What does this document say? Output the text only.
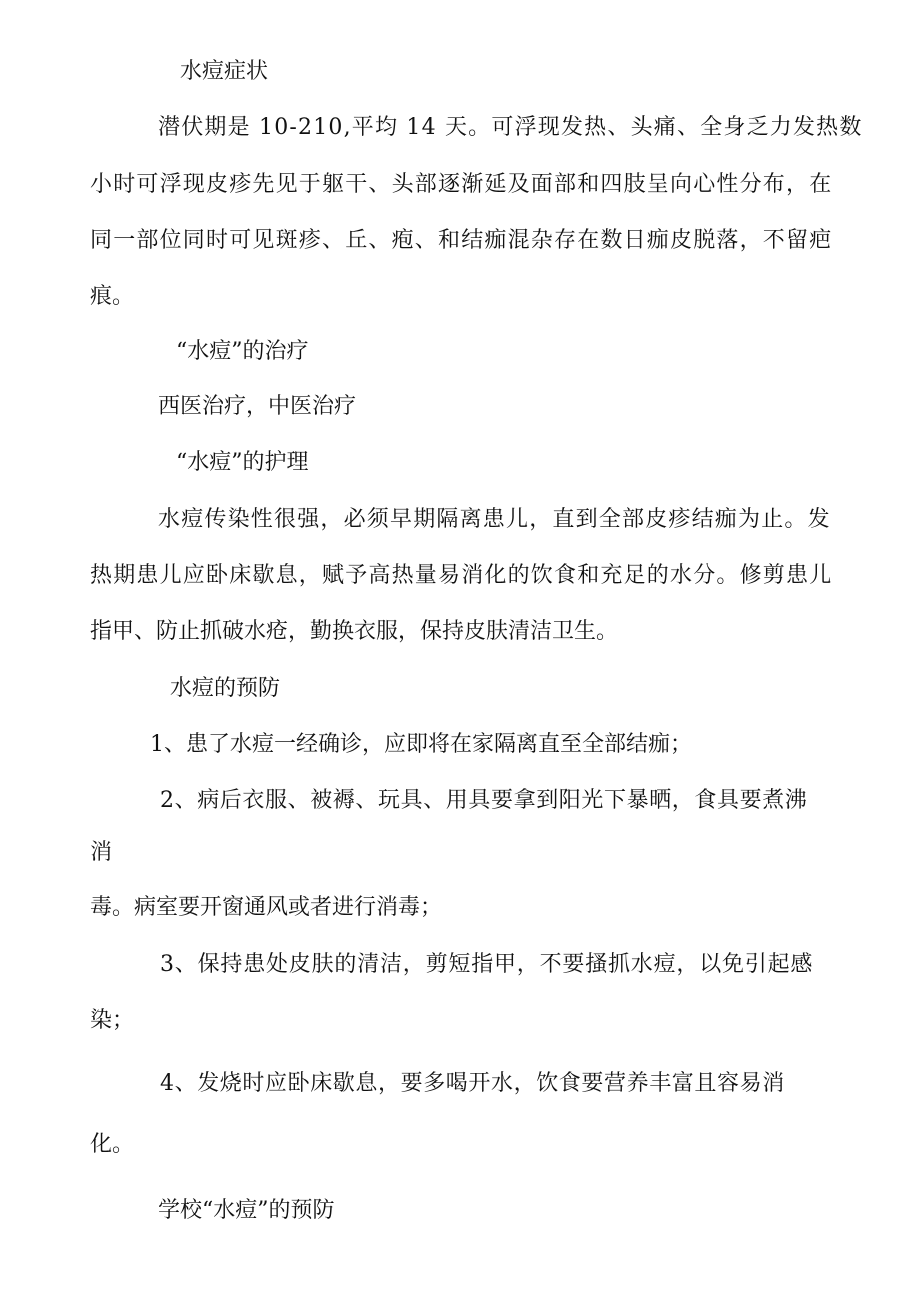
水痘症状

潜伏期是 10-210,平均 14 天。可浮现发热、头痛、全身乏力发热数

小时可浮现皮疹先见于躯干、头部逐渐延及面部和四肢呈向心性分布，在

同一部位同时可见斑疹、丘、疱、和结痂混杂存在数日痂皮脱落，不留疤

痕。

“水痘”的治疗

西医治疗，中医治疗

“水痘”的护理

水痘传染性很强，必须早期隔离患儿，直到全部皮疹结痂为止。发

热期患儿应卧床歇息，赋予高热量易消化的饮食和充足的水分。修剪患儿

指甲、防止抓破水疮，勤换衣服，保持皮肤清洁卫生。

水痘的预防

1、患了水痘一经确诊，应即将在家隔离直至全部结痂；

2、病后衣服、被褥、玩具、用具要拿到阳光下暴晒，食具要煮沸

消

毒。病室要开窗通风或者进行消毒；

3、保持患处皮肤的清洁，剪短指甲，不要搔抓水痘，以免引起感

染；

4、发烧时应卧床歇息，要多喝开水，饮食要营养丰富且容易消

化。

学校“水痘”的预防
